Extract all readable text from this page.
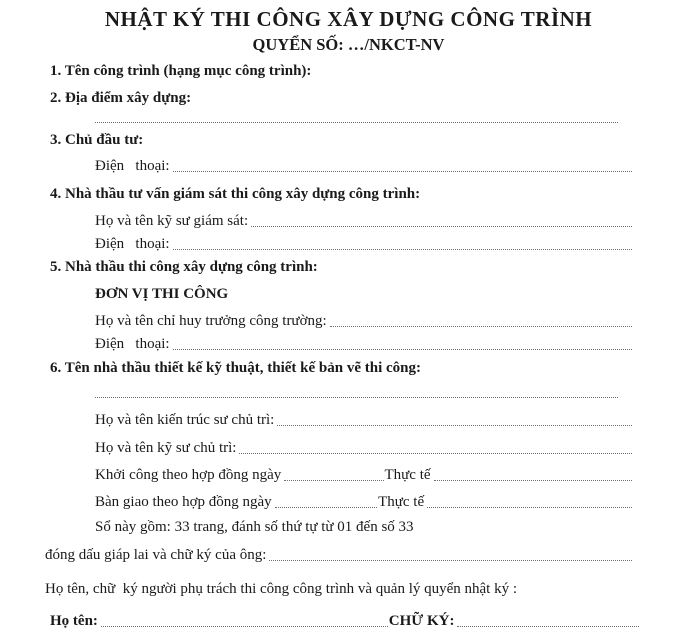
NHẬT KÝ THI CÔNG XÂY DỰNG CÔNG TRÌNH
QUYỂN SỐ: …/NKCT-NV
1. Tên công trình (hạng mục công trình):
2. Địa điểm xây dựng:
3. Chủ đầu tư:
Điện   thoại:
4. Nhà thầu tư vấn giám sát thi công xây dựng công trình:
Họ và tên kỹ sư giám sát:
Điện   thoại:
5. Nhà thầu thi công xây dựng công trình:
ĐƠN VỊ THI CÔNG
Họ và tên chỉ huy trưởng công trường:
Điện   thoại:
6. Tên nhà thầu thiết kế kỹ thuật, thiết kế bản vẽ thi công:
Họ và tên kiến trúc sư chủ trì:
Họ và tên kỹ sư chủ trì:
Khởi công theo hợp đồng ngày	Thực tế
Bàn giao theo hợp đồng ngày	Thực tế
Sổ này gồm: 33 trang, đánh số thứ tự từ 01 đến số 33
đóng dấu giáp lai và chữ ký của ông:
Họ tên, chữ  ký người phụ trách thi công công trình và quản lý quyển nhật ký :
Họ tên:	CHỮ KÝ:
